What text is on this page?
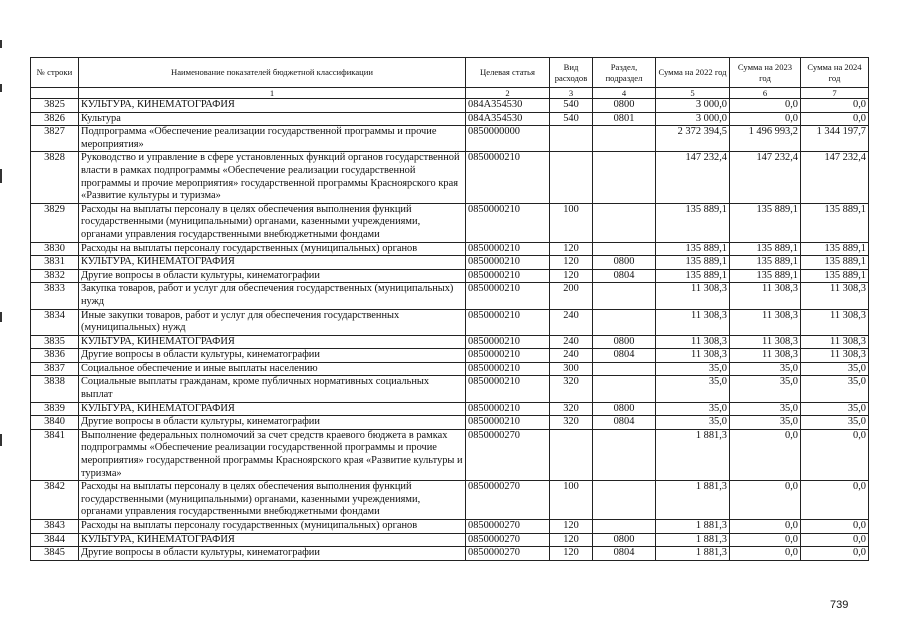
№ строки	Наименование показателей бюджетной классификации	Целевая статья	Вид расходов	Раздел, подраздел	Сумма на 2022 год	Сумма на 2023 год	Сумма на 2024 год
	1	2	3	4	5	6	7
3825	КУЛЬТУРА, КИНЕМАТОГРАФИЯ	084А354530	540	0800	3 000,0	0,0	0,0
3826	Культура	084А354530	540	0801	3 000,0	0,0	0,0
3827	Подпрограмма «Обеспечение реализации государственной программы и прочие мероприятия»	0850000000			2 372 394,5	1 496 993,2	1 344 197,7
3828	Руководство и управление в сфере установленных функций органов государственной власти в рамках подпрограммы «Обеспечение реализации государственной программы и прочие мероприятия» государственной программы Красноярского края «Развитие культуры и туризма»	0850000210			147 232,4	147 232,4	147 232,4
3829	Расходы на выплаты персоналу в целях обеспечения выполнения функций государственными (муниципальными) органами, казенными учреждениями, органами управления государственными внебюджетными фондами	0850000210	100		135 889,1	135 889,1	135 889,1
3830	Расходы на выплаты персоналу государственных (муниципальных) органов	0850000210	120		135 889,1	135 889,1	135 889,1
3831	КУЛЬТУРА, КИНЕМАТОГРАФИЯ	0850000210	120	0800	135 889,1	135 889,1	135 889,1
3832	Другие вопросы в области культуры, кинематографии	0850000210	120	0804	135 889,1	135 889,1	135 889,1
3833	Закупка товаров, работ и услуг для обеспечения государственных (муниципальных) нужд	0850000210	200		11 308,3	11 308,3	11 308,3
3834	Иные закупки товаров, работ и услуг для обеспечения государственных (муниципальных) нужд	0850000210	240		11 308,3	11 308,3	11 308,3
3835	КУЛЬТУРА, КИНЕМАТОГРАФИЯ	0850000210	240	0800	11 308,3	11 308,3	11 308,3
3836	Другие вопросы в области культуры, кинематографии	0850000210	240	0804	11 308,3	11 308,3	11 308,3
3837	Социальное обеспечение и иные выплаты населению	0850000210	300		35,0	35,0	35,0
3838	Социальные выплаты гражданам, кроме публичных нормативных социальных выплат	0850000210	320		35,0	35,0	35,0
3839	КУЛЬТУРА, КИНЕМАТОГРАФИЯ	0850000210	320	0800	35,0	35,0	35,0
3840	Другие вопросы в области культуры, кинематографии	0850000210	320	0804	35,0	35,0	35,0
3841	Выполнение федеральных полномочий за счет средств краевого бюджета в рамках подпрограммы «Обеспечение реализации государственной программы и прочие мероприятия» государственной программы Красноярского края «Развитие культуры и туризма»	0850000270			1 881,3	0,0	0,0
3842	Расходы на выплаты персоналу в целях обеспечения выполнения функций государственными (муниципальными) органами, казенными учреждениями, органами управления государственными внебюджетными фондами	0850000270	100		1 881,3	0,0	0,0
3843	Расходы на выплаты персоналу государственных (муниципальных) органов	0850000270	120		1 881,3	0,0	0,0
3844	КУЛЬТУРА, КИНЕМАТОГРАФИЯ	0850000270	120	0800	1 881,3	0,0	0,0
3845	Другие вопросы в области культуры, кинематографии	0850000270	120	0804	1 881,3	0,0	0,0
739
